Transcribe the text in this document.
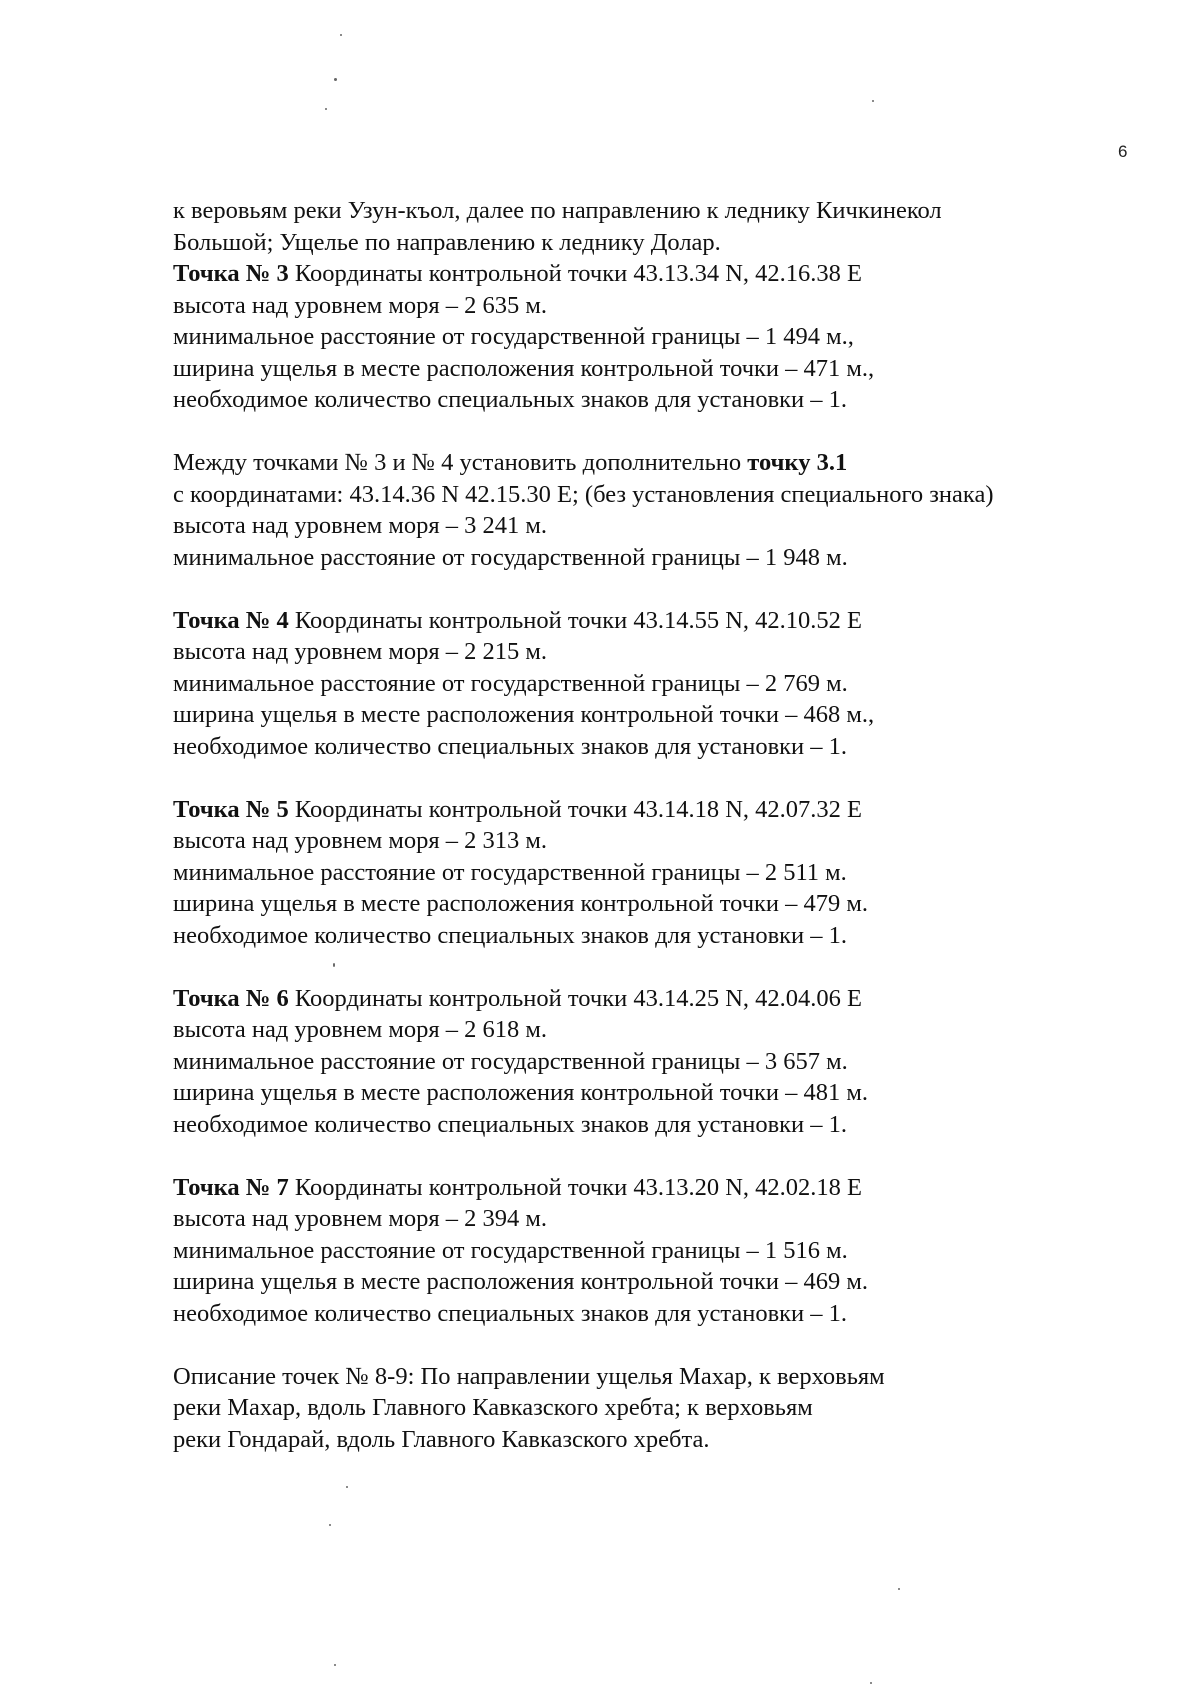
6
к веровьям реки Узун-къол, далее по направлению к леднику Кичкинекол
Большой; Ущелье по направлению к леднику Долар.
Точка № 3 Координаты контрольной точки 43.13.34 N, 42.16.38 E
высота над уровнем моря – 2 635 м.
минимальное расстояние от государственной границы – 1 494 м.,
ширина ущелья в месте расположения контрольной точки – 471 м.,
необходимое количество специальных знаков для установки – 1.
Между точками № 3 и № 4 установить дополнительно точку 3.1
с координатами: 43.14.36 N 42.15.30 E; (без установления специального знака)
высота над уровнем моря – 3 241 м.
минимальное расстояние от государственной границы – 1 948 м.
Точка № 4 Координаты контрольной точки 43.14.55 N, 42.10.52 E
высота над уровнем моря – 2 215 м.
минимальное расстояние от государственной границы – 2 769 м.
ширина ущелья в месте расположения контрольной точки – 468 м.,
необходимое количество специальных знаков для установки – 1.
Точка № 5 Координаты контрольной точки 43.14.18 N, 42.07.32 E
высота над уровнем моря – 2 313 м.
минимальное расстояние от государственной границы – 2 511 м.
ширина ущелья в месте расположения контрольной точки – 479 м.
необходимое количество специальных знаков для установки – 1.
Точка № 6 Координаты контрольной точки 43.14.25 N, 42.04.06 E
высота над уровнем моря – 2 618 м.
минимальное расстояние от государственной границы – 3 657 м.
ширина ущелья в месте расположения контрольной точки – 481 м.
необходимое количество специальных знаков для установки – 1.
Точка № 7 Координаты контрольной точки 43.13.20 N, 42.02.18 E
высота над уровнем моря – 2 394 м.
минимальное расстояние от государственной границы – 1 516 м.
ширина ущелья в месте расположения контрольной точки – 469 м.
необходимое количество специальных знаков для установки – 1.
Описание точек № 8-9: По направлении ущелья Махар, к верховьям
реки Махар, вдоль Главного Кавказского хребта; к верховьям
реки Гондарай, вдоль Главного Кавказского хребта.
